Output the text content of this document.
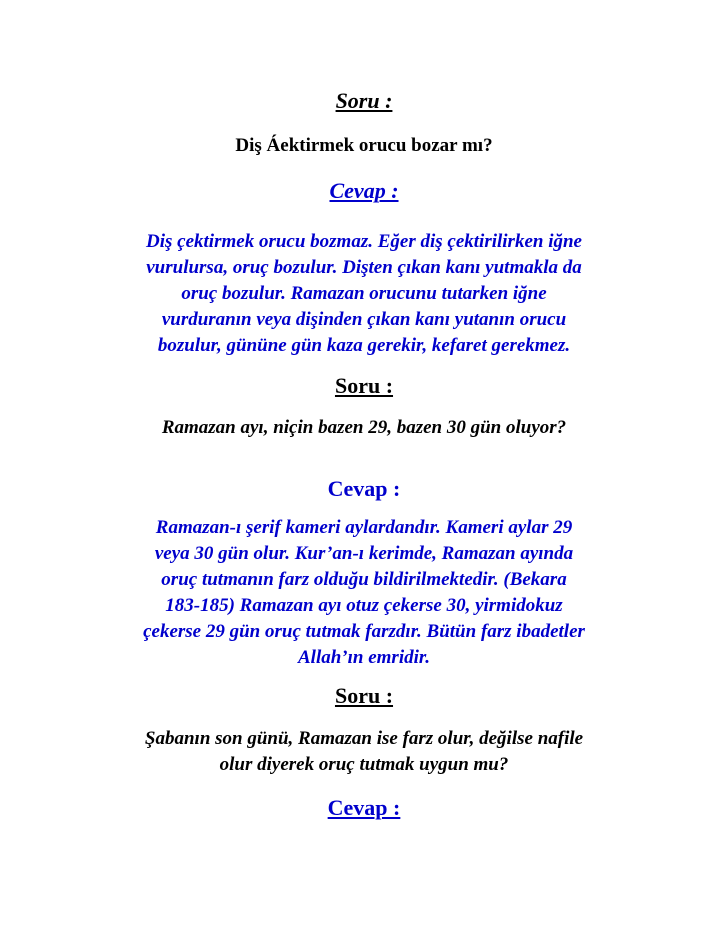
Soru :

Diş Áektirmek orucu bozar mı?

Cevap :

Diş çektirmek orucu bozmaz. Eğer diş çektirilirken iğne

vurulursa, oruç bozulur. Dişten çıkan kanı yutmakla da

oruç bozulur. Ramazan orucunu tutarken iğne

vurduranın veya dişinden çıkan kanı yutanın orucu

bozulur, gününe gün kaza gerekir, kefaret gerekmez.

Soru :

Ramazan ayı, niçin bazen 29, bazen 30 gün oluyor?

Cevap :

Ramazan-ı şerif kameri aylardandır. Kameri aylar 29

veya 30 gün olur. Kur’an-ı kerimde, Ramazan ayında

oruç tutmanın farz olduğu bildirilmektedir. (Bekara

183-185) Ramazan ayı otuz çekerse 30, yirmidokuz

çekerse 29 gün oruç tutmak farzdır. Bütün farz ibadetler

Allah’ın emridir.

Soru :

Şabanın son günü, Ramazan ise farz olur, değilse nafile

olur diyerek oruç tutmak uygun mu?

Cevap :
